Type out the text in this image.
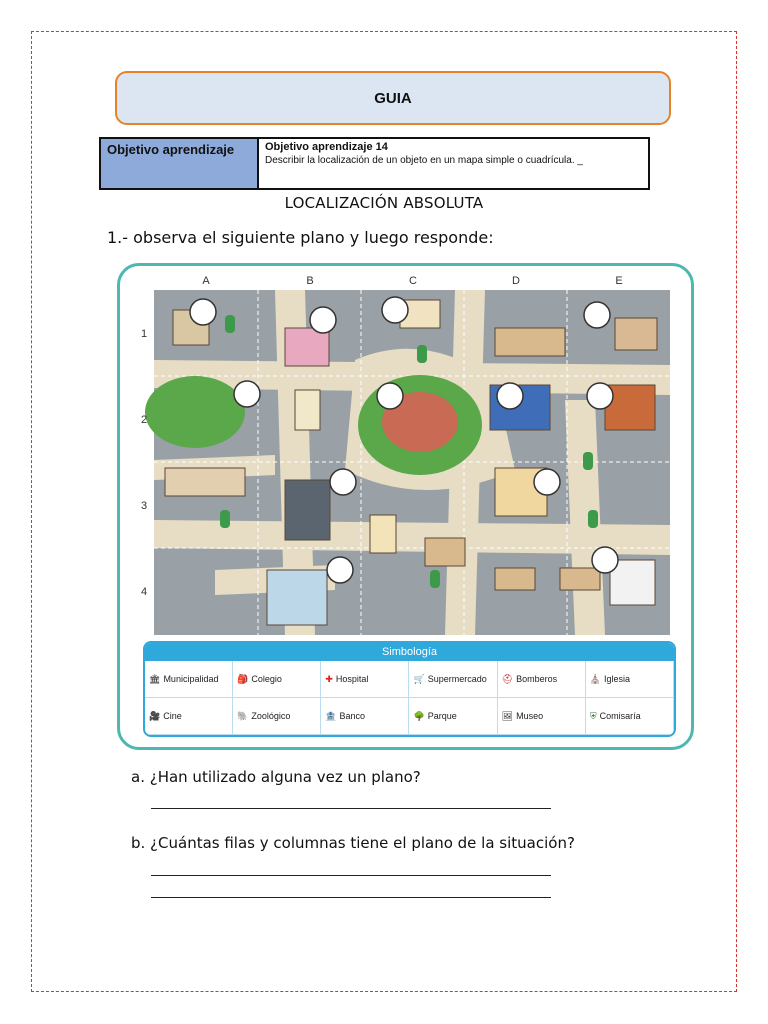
GUIA
Objetivo aprendizaje	Objetivo aprendizaje 14
Describir la localización de un objeto en un mapa simple o cuadrícula. _
LOCALIZACIÓN ABSOLUTA
1.- observa el siguiente plano y luego responde:
A	B	C	D	E
1
2
3
4
Simbología
🏛 Municipalidad 🎒 Colegio	✚ Hospital	🛒 Supermercado ⛑ Bomberos	⛪ Iglesia
🎥 Cine	🐘 Zoológico	🏦 Banco	🌳 Parque	🖼 Museo	⛨ Comisaría
a. ¿Han utilizado alguna vez un plano?
b. ¿Cuántas filas y columnas tiene el plano de la situación?
